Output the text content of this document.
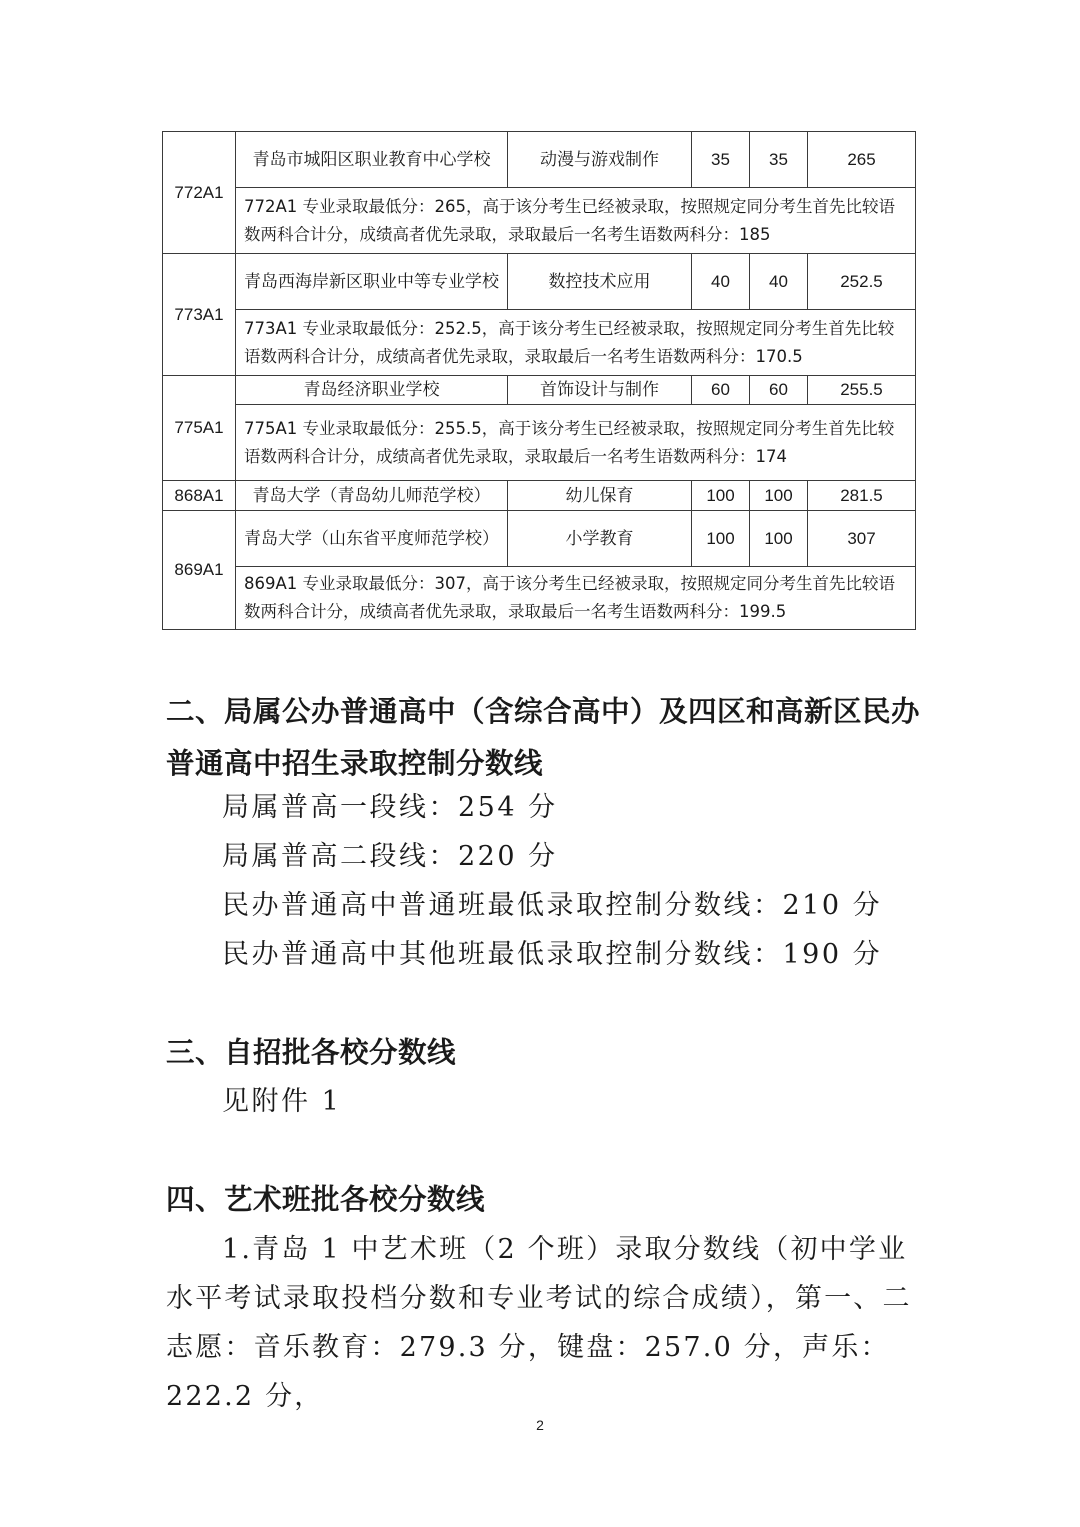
772A1	青岛市城阳区职业教育中心学校	动漫与游戏制作	35	35	265
	772A1 专业录取最低分：265，高于该分考生已经被录取，按照规定同分考生首先比较语数两科合计分，成绩高者优先录取，录取最后一名考生语数两科分：185				
773A1	青岛西海岸新区职业中等专业学校	数控技术应用	40	40	252.5
	773A1 专业录取最低分：252.5，高于该分考生已经被录取，按照规定同分考生首先比较语数两科合计分，成绩高者优先录取，录取最后一名考生语数两科分：170.5				
775A1	青岛经济职业学校	首饰设计与制作	60	60	255.5
	775A1 专业录取最低分：255.5，高于该分考生已经被录取，按照规定同分考生首先比较语数两科合计分，成绩高者优先录取，录取最后一名考生语数两科分：174				
868A1	青岛大学（青岛幼儿师范学校）	幼儿保育	100	100	281.5
869A1	青岛大学（山东省平度师范学校）	小学教育	100	100	307
	869A1 专业录取最低分：307，高于该分考生已经被录取，按照规定同分考生首先比较语数两科合计分，成绩高者优先录取，录取最后一名考生语数两科分：199.5				
二、局属公办普通高中（含综合高中）及四区和高新区民办普通高中招生录取控制分数线

局属普高一段线：254 分

局属普高二段线：220 分

民办普通高中普通班最低录取控制分数线：210 分

民办普通高中其他班最低录取控制分数线：190 分

三、自招批各校分数线

见附件 1

四、艺术班批各校分数线

1.青岛 1 中艺术班（2 个班）录取分数线（初中学业水平考试录取投档分数和专业考试的综合成绩），第一、二志愿：音乐教育：279.3 分，键盘：257.0 分，声乐：222.2 分，

2
